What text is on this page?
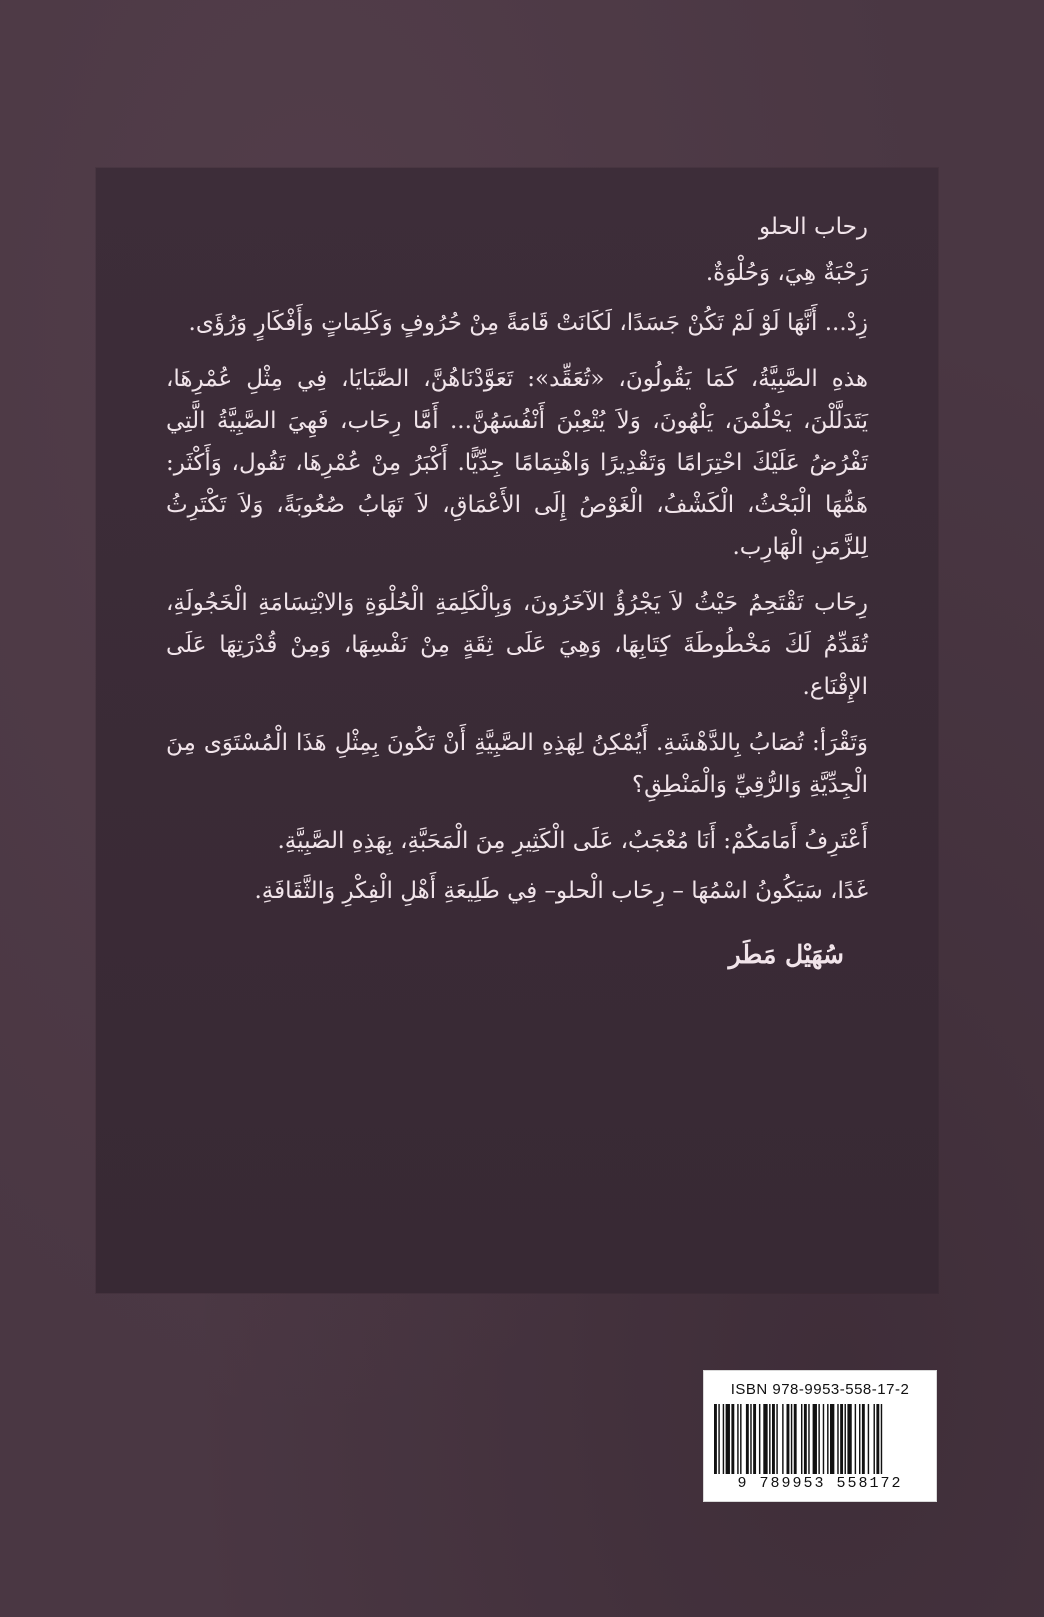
رحاب الحلو

رَحْبَةٌ هِيَ، وَحُلْوَةٌ.

زِدْ... أَنَّهَا لَوْ لَمْ تَكُنْ جَسَدًا، لَكَانَتْ قَامَةً مِنْ حُرُوفٍ وَكَلِمَاتٍ وَأَفْكَارٍ وَرُؤَى.

هذهِ الصَّبِيَّةُ، كَمَا يَقُولُونَ، «تُعَقِّد»: تَعَوَّدْنَاهُنَّ، الصَّبَايَا، فِي مِثْلِ عُمْرِهَا، يَتَدَلَّلْنَ، يَحْلُمْنَ، يَلْهُونَ، وَلاَ يُتْعِبْنَ أَنْفُسَهُنَّ... أَمَّا رِحَاب، فَهِيَ الصَّبِيَّةُ الَّتِي تَفْرُضُ عَلَيْكَ احْتِرَامًا وَتَقْدِيرًا وَاهْتِمَامًا جِدِّيًّا. أَكْبَرُ مِنْ عُمْرِهَا، تَقُول، وَأَكْثَر: هَمُّهَا الْبَحْثُ، الْكَشْفُ، الْغَوْصُ إِلَى الأَعْمَاقِ، لاَ تَهَابُ صُعُوبَةً، وَلاَ تَكْتَرِثُ لِلزَّمَنِ الْهَارِب.

رِحَاب تَقْتَحِمُ حَيْثُ لاَ يَجْرُؤُ الآخَرُونَ، وَبِالْكَلِمَةِ الْحُلْوَةِ وَالابْتِسَامَةِ الْخَجُولَةِ، تُقَدِّمُ لَكَ مَخْطُوطَةَ كِتَابِهَا، وَهِيَ عَلَى ثِقَةٍ مِنْ نَفْسِهَا، وَمِنْ قُدْرَتِهَا عَلَى الإِقْنَاع.

وَتَقْرَأ: تُصَابُ بِالدَّهْشَةِ. أَيُمْكِنُ لِهَذِهِ الصَّبِيَّةِ أَنْ تَكُونَ بِمِثْلِ هَذَا الْمُسْتَوَى مِنَ الْجِدِّيَّةِ وَالرُّقِيِّ وَالْمَنْطِقِ؟

أَعْتَرِفُ أَمَامَكُمْ: أَنَا مُعْجَبٌ، عَلَى الْكَثِيرِ مِنَ الْمَحَبَّةِ، بِهَذِهِ الصَّبِيَّةِ.

غَدًا، سَيَكُونُ اسْمُهَا – رِحَاب الْحلو– فِي طَلِيعَةِ أَهْلِ الْفِكْرِ وَالثَّقَافَةِ.

سُهَيْل مَطَر
ISBN 978-9953-558-17-2
9 789953 558172
